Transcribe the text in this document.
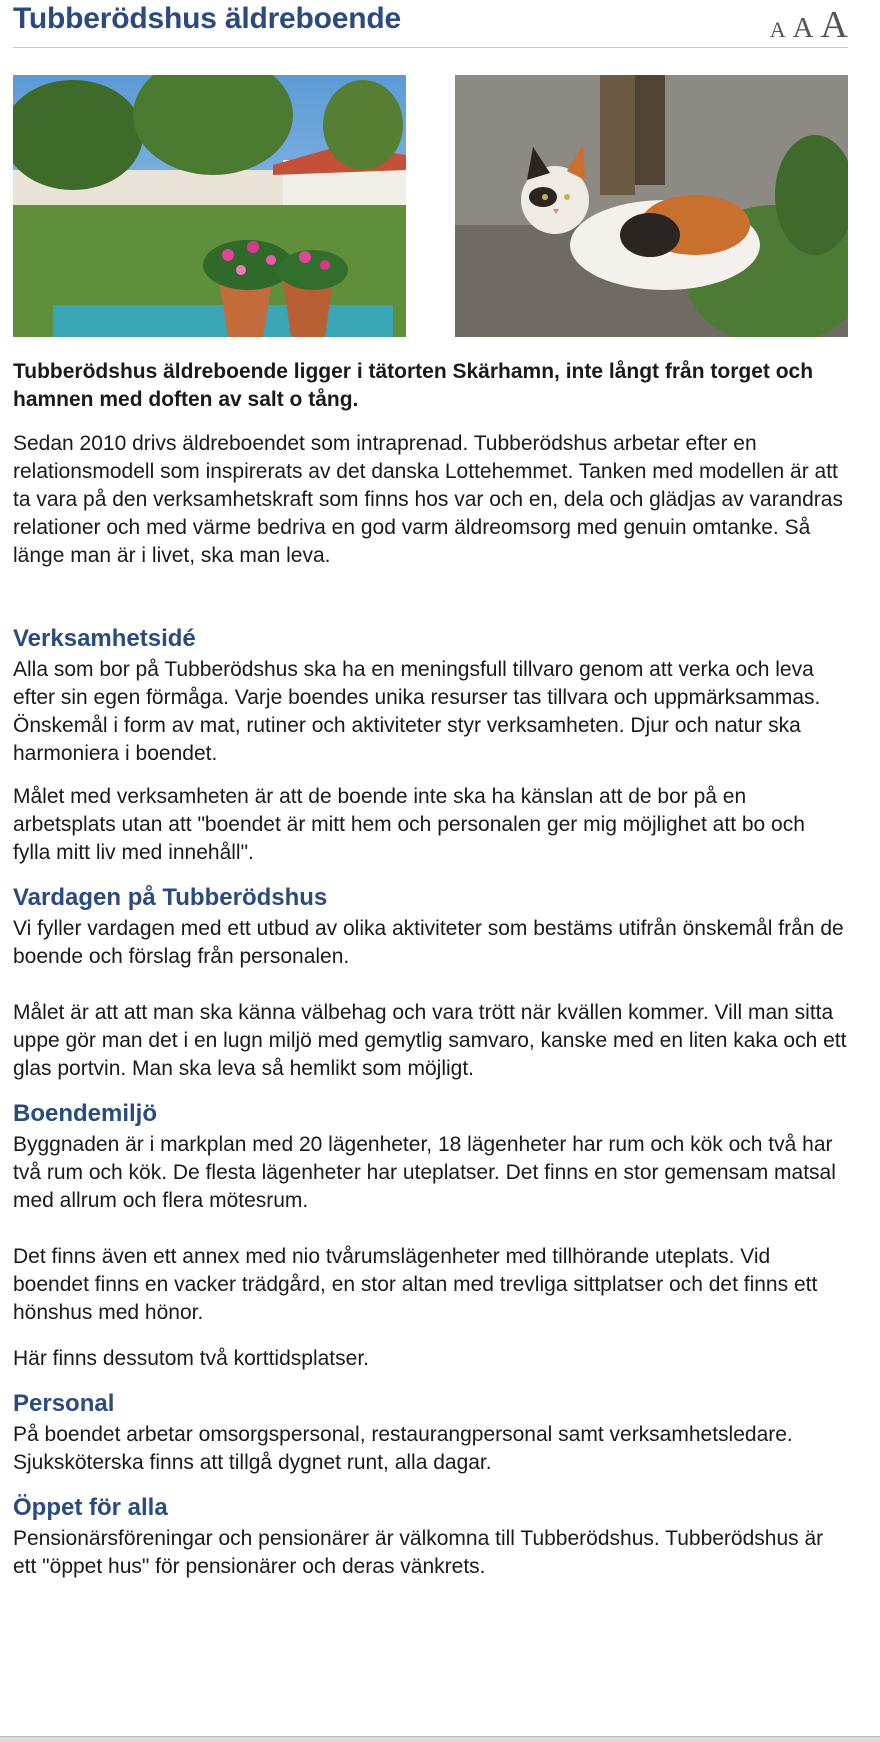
Tubberödshus äldreboende	A A A

Tubberödshus äldreboende ligger i tätorten Skärhamn, inte långt från torget och hamnen med doften av salt o tång.

Sedan 2010 drivs äldreboendet som intraprenad. Tubberödshus arbetar efter en relationsmodell som inspirerats av det danska Lottehemmet. Tanken med modellen är att ta vara på den verksamhetskraft som finns hos var och en, dela och glädjas av varandras relationer och med värme bedriva en god varm äldreomsorg med genuin omtanke. Så länge man är i livet, ska man leva.

Verksamhetsidé

Alla som bor på Tubberödshus ska ha en meningsfull tillvaro genom att verka och leva efter sin egen förmåga. Varje boendes unika resurser tas tillvara och uppmärksammas. Önskemål i form av mat, rutiner och aktiviteter styr verksamheten. Djur och natur ska harmoniera i boendet.

Målet med verksamheten är att de boende inte ska ha känslan att de bor på en arbetsplats utan att "boendet är mitt hem och personalen ger mig möjlighet att bo och fylla mitt liv med innehåll".

Vardagen på Tubberödshus

Vi fyller vardagen med ett utbud av olika aktiviteter som bestäms utifrån önskemål från de boende och förslag från personalen.

Målet är att att man ska känna välbehag och vara trött när kvällen kommer. Vill man sitta uppe gör man det i en lugn miljö med gemytlig samvaro, kanske med en liten kaka och ett glas portvin. Man ska leva så hemlikt som möjligt.

Boendemiljö

Byggnaden är i markplan med 20 lägenheter, 18 lägenheter har rum och kök och två har två rum och kök. De flesta lägenheter har uteplatser. Det finns en stor gemensam matsal med allrum och flera mötesrum.

Det finns även ett annex med nio tvårumslägenheter med tillhörande uteplats. Vid boendet finns en vacker trädgård, en stor altan med trevliga sittplatser och det finns ett hönshus med hönor.

Här finns dessutom två korttidsplatser.

Personal

På boendet arbetar omsorgspersonal, restaurangpersonal samt verksamhetsledare. Sjuksköterska finns att tillgå dygnet runt, alla dagar.

Öppet för alla

Pensionärsföreningar och pensionärer är välkomna till Tubberödshus. Tubberödshus är ett "öppet hus" för pensionärer och deras vänkrets.
